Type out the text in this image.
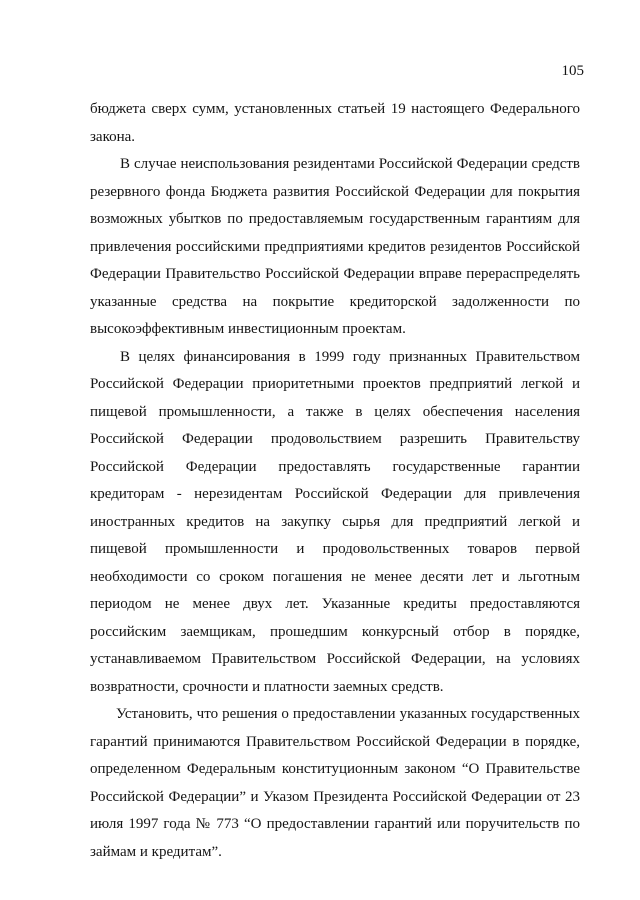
105

бюджета сверх сумм, установленных статьей 19 настоящего Федерального закона.

В случае неиспользования резидентами Российской Федерации средств резервного фонда Бюджета развития Российской Федерации для покрытия возможных убытков по предоставляемым государственным гарантиям для привлечения российскими предприятиями кредитов резидентов Российской Федерации Правительство Российской Федерации вправе перераспределять указанные средства на покрытие кредиторской задолженности по высокоэффективным инвестиционным проектам.

В целях финансирования в 1999 году признанных Правительством Российской Федерации приоритетными проектов предприятий легкой и пищевой промышленности, а также в целях обеспечения населения Российской Федерации продовольствием разрешить Правительству Российской Федерации предоставлять государственные гарантии кредиторам - нерезидентам Российской Федерации для привлечения иностранных кредитов на закупку сырья для предприятий легкой и пищевой промышленности и продовольственных товаров первой необходимости со сроком погашения не менее десяти лет и льготным периодом не менее двух лет. Указанные кредиты предоставляются российским заемщикам, прошедшим конкурсный отбор в порядке, устанавливаемом Правительством Российской Федерации, на условиях возвратности, срочности и платности заемных средств.

Установить, что решения о предоставлении указанных государственных гарантий принимаются Правительством Российской Федерации в порядке, определенном Федеральным конституционным законом “О Правительстве Российской Федерации” и Указом Президента Российской Федерации от 23 июля 1997 года № 773 “О предоставлении гарантий или поручительств по займам и кредитам”.
